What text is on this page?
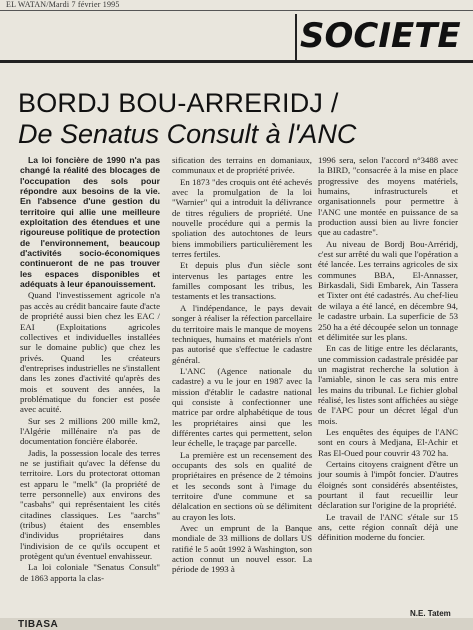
EL WATAN/Mardi 7 février 1995
SOCIETE
BORDJ BOU-ARRERIDJ /
De Senatus Consult à l'ANC

La loi foncière de 1990 n'a pas changé la réalité des blocages de l'occupation des sols pour répondre aux besoins de la vie. En l'absence d'une gestion du territoire qui allie une meilleure exploitation des étendues et une rigoureuse politique de protection de l'environnement, beaucoup d'activités socio-économiques continueront de ne pas trouver les espaces disponibles et adéquats à leur épanouissement.

Quand l'investissement agricole n'a pas accès au crédit bancaire faute d'acte de propriété aussi bien chez les EAC / EAI (Exploitations agricoles collectives et individuelles installées sur le domaine public) que chez les privés. Quand les créateurs d'entreprises industrielles ne s'installent dans les zones d'activité qu'après des mois et souvent des années, la problématique du foncier est posée avec acuité.

Sur ses 2 millions 200 mille km2, l'Algérie millénaire n'a pas de documentation foncière élaborée.

Jadis, la possession locale des terres ne se justifiait qu'avec la défense du territoire. Lors du protectorat ottoman est apparu le "melk" (la propriété de terre personnelle) aux environs des "casbahs" qui représentaient les cités citadines classiques. Les "aarchs" (tribus) étaient des ensembles d'individus propriétaires dans l'indivision de ce qu'ils occupent et protègent qu'un éventuel envahisseur.

La loi coloniale "Senatus Consult" de 1863 apporta la clas-

sification des terrains en domaniaux, communaux et de propriété privée.

En 1873 "des croquis ont été achevés avec la promulgation de la loi "Warnier" qui a introduit la délivrance de titres réguliers de propriété. Une nouvelle procédure qui a permis la spoliation des autochtones de leurs biens immobiliers particulièrement les terres fertiles.

Et depuis plus d'un siècle sont intervenus les partages entre les familles composant les tribus, les testaments et les transactions.

A l'indépendance, le pays devait songer à réaliser la réfection parcellaire du territoire mais le manque de moyens techniques, humains et matériels n'ont pas autorisé que s'effectue le cadastre général.

L'ANC (Agence nationale du cadastre) a vu le jour en 1987 avec la mission d'établir le cadastre national qui consiste à confectionner une matrice par ordre alphabétique de tous les propriétaires ainsi que les différentes cartes qui permettent, selon leur échelle, le traçage par parcelle.

La première est un recensement des occupants des sols en qualité de propriétaires en présence de 2 témoins et les seconds sont à l'image du territoire d'une commune et sa délalcation en sections où se délimitent au crayon les lots.

Avec un emprunt de la Banque mondiale de 33 millions de dollars US ratifié le 5 août 1992 à Washington, son action connut un nouvel essor. La période de 1993 à

1996 sera, selon l'accord n°3488 avec la BIRD, "consacrée à la mise en place progressive des moyens matériels, humains, infrastructurels et organisationnels pour permettre à l'ANC une montée en puissance de sa production aussi bien au livre foncier que au cadastre".

Au niveau de Bordj Bou-Arréridj, c'est sur arrêté du wali que l'opération a été lancée. Les terrains agricoles de six communes BBA, El-Annasser, Birkasdali, Sidi Embarek, Ain Tassera et Tixter ont été cadastrés. Au chef-lieu de wilaya a été lancé, en décembre 94, le cadastre urbain. La superficie de 53 250 ha a été découpée selon un tonnage et délimitée sur les plans.

En cas de litige entre les déclarants, une commission cadastrale présidée par un magistrat recherche la solution à l'amiable, sinon le cas sera mis entre les mains du tribunal. Le fichier global réalisé, les listes sont affichées au siège de l'APC pour un décret légal d'un mois.

Les enquêtes des équipes de l'ANC sont en cours à Medjana, El-Achir et Ras El-Oued pour couvrir 43 702 ha.

Certains citoyens craignent d'être un jour soumis à l'impôt foncier. D'autres éloignés sont considérés absentéistes, pourtant il faut recueillir leur déclaration sur l'origine de la propriété.

Le travail de l'ANC s'étale sur 15 ans, cette région connaît déjà une définition moderne du foncier.

N.E. Tatem
TIBASA
